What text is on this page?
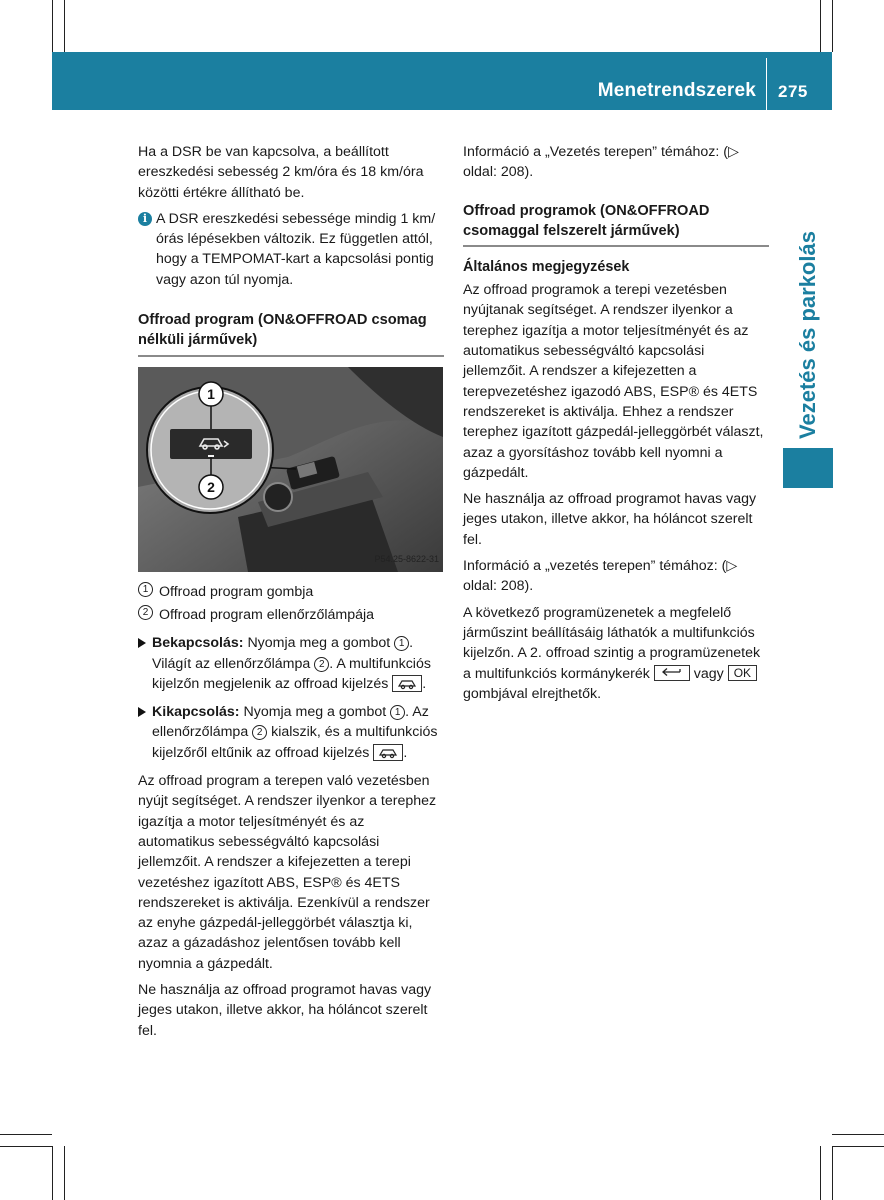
Menetrendszerek 275
Vezetés és parkolás

Ha a DSR be van kapcsolva, a beállított ereszkedési sebesség 2 km/óra és 18 km/óra közötti értékre állítható be.

i A DSR ereszkedési sebessége mindig 1 km/órás lépésekben változik. Ez független attól, hogy a TEMPOMAT-kart a kapcsolási pontig vagy azon túl nyomja.
Offroad program (ON&OFFROAD csomag nélküli járművek)
1
2
P54.25-8622-31
1 Offroad program gombja
2 Offroad program ellenőrzőlámpája
Bekapcsolás: Nyomja meg a gombot 1 . Világít az ellenőrzőlámpa 2 . A multifunkciós kijelzőn megjelenik az offroad kijelzés .
Kikapcsolás: Nyomja meg a gombot 1 . Az ellenőrzőlámpa 2 kialszik, és a multifunkciós kijelzőről eltűnik az offroad kijelzés .

Az offroad program a terepen való vezetésben nyújt segítséget. A rendszer ilyenkor a terephez igazítja a motor teljesítményét és az automatikus sebességváltó kapcsolási jellemzőit. A rendszer a kifejezetten a terepi vezetéshez igazított ABS, ESP® és 4ETS rendszereket is aktiválja. Ezenkívül a rendszer az enyhe gázpedál-jelleggörbét választja ki, azaz a gázadáshoz jelentősen tovább kell nyomnia a gázpedált.

Ne használja az offroad programot havas vagy jeges utakon, illetve akkor, ha hóláncot szerelt fel.

Információ a „Vezetés terepen” témához: (▷ oldal: 208).

Offroad programok (ON&OFFROAD csomaggal felszerelt járművek)
Általános megjegyzések

Az offroad programok a terepi vezetésben nyújtanak segítséget. A rendszer ilyenkor a terephez igazítja a motor teljesítményét és az automatikus sebességváltó kapcsolási jellemzőit. A rendszer a kifejezetten a terepvezetéshez igazodó ABS, ESP® és 4ETS rendszereket is aktiválja. Ehhez a rendszer terephez igazított gázpedál-jelleggörbét választ, azaz a gyorsításhoz tovább kell nyomni a gázpedált.

Ne használja az offroad programot havas vagy jeges utakon, illetve akkor, ha hóláncot szerelt fel.

Információ a „vezetés terepen” témához: (▷ oldal: 208).

A következő programüzenetek a megfelelő járműszint beállításáig láthatók a multifunkciós kijelzőn. A 2. offroad szintig a programüzenetek a multifunkciós kormánykerék	vagy OK gombjával elrejthetők.
